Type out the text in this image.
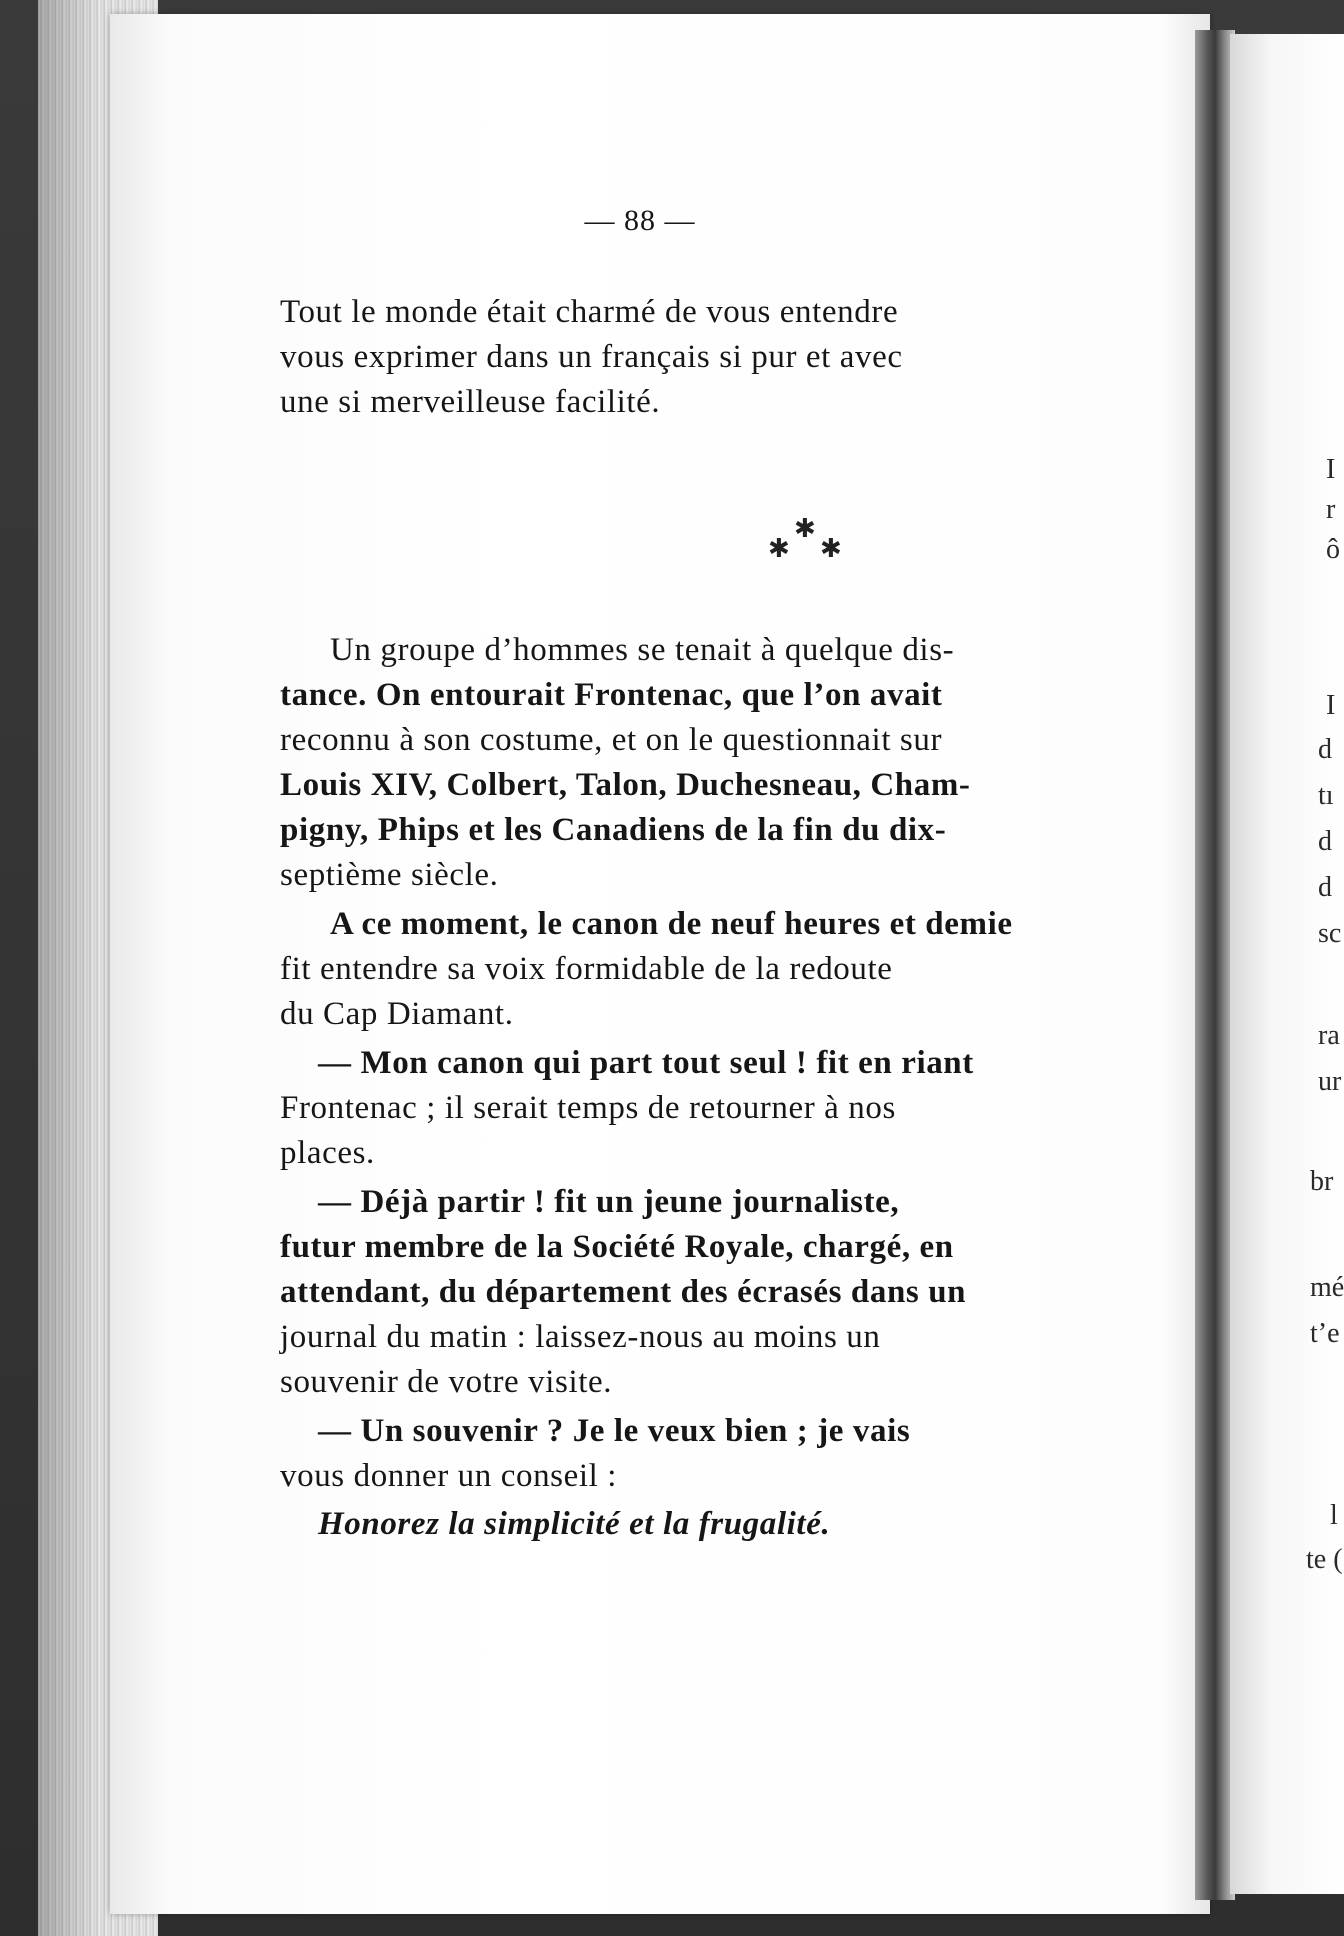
— 88 —
Tout le monde était charmé de vous entendre
vous exprimer dans un français si pur et avec
une si merveilleuse facilité.
✱
✱ ✱
Un groupe d’hommes se tenait à quelque dis-
tance. On entourait Frontenac, que l’on avait
reconnu à son costume, et on le questionnait sur
Louis XIV, Colbert, Talon, Duchesneau, Cham-
pigny, Phips et les Canadiens de la fin du dix-
septième siècle.
A ce moment, le canon de neuf heures et demie
fit entendre sa voix formidable de la redoute
du Cap Diamant.
— Mon canon qui part tout seul ! fit en riant
Frontenac ; il serait temps de retourner à nos
places.
— Déjà partir ! fit un jeune journaliste,
futur membre de la Société Royale, chargé, en
attendant, du département des écrasés dans un
journal du matin : laissez-nous au moins un
souvenir de votre visite.
— Un souvenir ? Je le veux bien ; je vais
vous donner un conseil :
Honorez la simplicité et la frugalité.
I
r
ô
I
d
tı
d
d
sc
ra
ur
br
mé
t’e
l
te (
